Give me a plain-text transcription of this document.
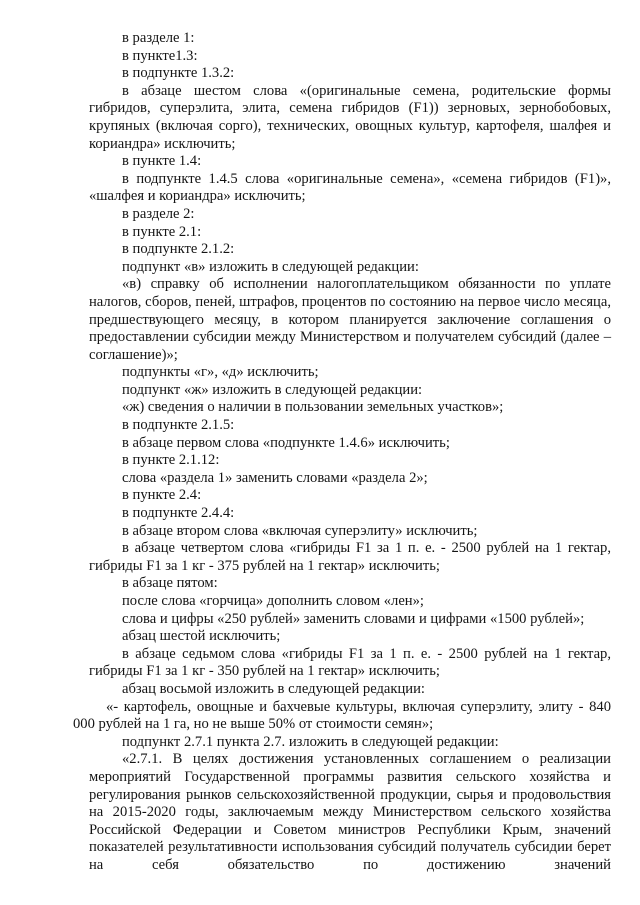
в разделе 1:

в пункте1.3:

в подпункте 1.3.2:

в абзаце шестом слова «(оригинальные семена, родительские формы гибридов, суперэлита, элита, семена гибридов (F1)) зерновых, зернобобовых, крупяных (включая сорго), технических, овощных культур, картофеля, шалфея и кориандра» исключить;

в пункте 1.4:

в подпункте 1.4.5 слова «оригинальные семена», «семена гибридов (F1)», «шалфея и кориандра» исключить;

в разделе 2:

в пункте 2.1:

в подпункте 2.1.2:

подпункт «в» изложить в следующей редакции:

«в) справку об исполнении налогоплательщиком обязанности по уплате налогов, сборов, пеней, штрафов, процентов по состоянию на первое число месяца, предшествующего месяцу, в котором планируется заключение соглашения о предоставлении субсидии между Министерством и получателем субсидий (далее – соглашение)»;

подпункты «г», «д» исключить;

подпункт «ж» изложить в следующей редакции:

«ж) сведения о наличии в пользовании земельных участков»;

в подпункте 2.1.5:

в абзаце первом слова «подпункте 1.4.6» исключить;

в пункте 2.1.12:

слова «раздела 1» заменить словами «раздела 2»;

в пункте 2.4:

в подпункте 2.4.4:

в абзаце втором слова «включая суперэлиту» исключить;

в абзаце четвертом слова «гибриды F1 за 1 п. е. - 2500 рублей на 1 гектар, гибриды F1 за 1 кг - 375 рублей на 1 гектар» исключить;

в абзаце пятом:

после слова «горчица» дополнить словом «лен»;

слова и цифры «250 рублей» заменить словами и цифрами «1500 рублей»;

абзац шестой исключить;

в абзаце седьмом слова «гибриды F1 за 1 п. е. - 2500 рублей на 1 гектар, гибриды F1 за 1 кг - 350 рублей на 1 гектар» исключить;

абзац восьмой изложить в следующей редакции:

«- картофель, овощные и бахчевые культуры, включая суперэлиту, элиту - 840 000 рублей на 1 га, но не выше 50% от стоимости семян»;

подпункт 2.7.1 пункта 2.7. изложить в следующей редакции:

«2.7.1. В целях достижения установленных соглашением о реализации мероприятий Государственной программы развития сельского хозяйства и регулирования рынков сельскохозяйственной продукции, сырья и продовольствия на 2015-2020 годы, заключаемым между Министерством сельского хозяйства Российской Федерации и Советом министров Республики Крым, значений показателей результативности использования субсидий получатель субсидии берет на себя обязательство по достижению значений
